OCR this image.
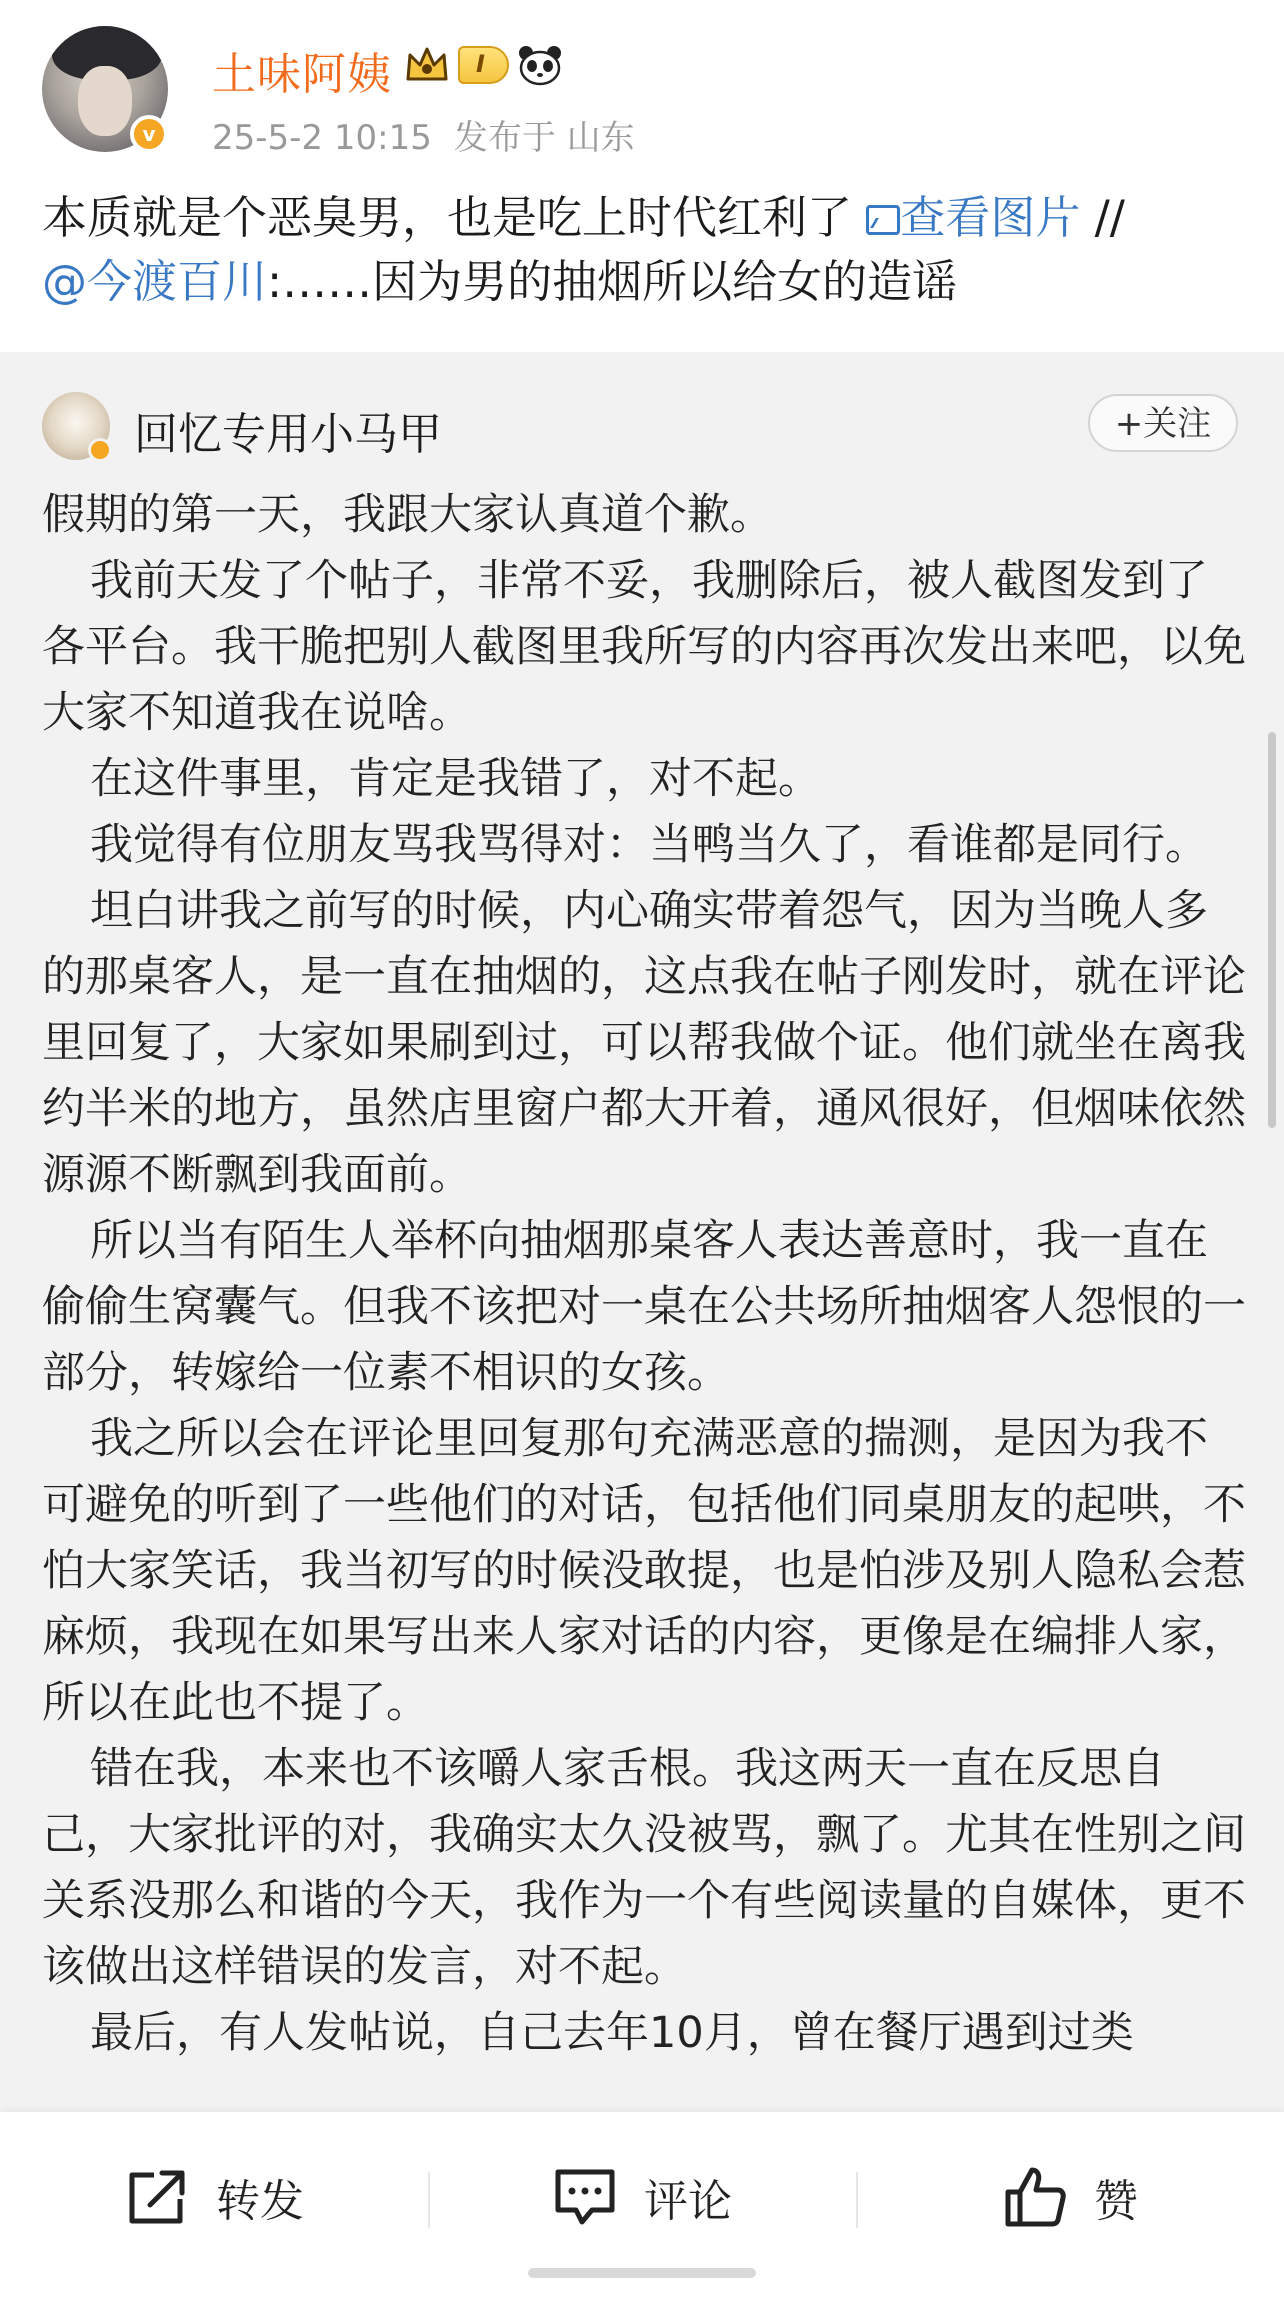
v
土味阿姨	I
25-5-2 10:15 发布于 山东
本质就是个恶臭男，也是吃上时代红利了 查看图片 //
@今渡百川:……因为男的抽烟所以给女的造谣
回忆专用小马甲	+关注

假期的第一天，我跟大家认真道个歉。

我前天发了个帖子，非常不妥，我删除后，被人截图发到了各平台。我干脆把别人截图里我所写的内容再次发出来吧，以免大家不知道我在说啥。

在这件事里，肯定是我错了，对不起。

我觉得有位朋友骂我骂得对：当鸭当久了，看谁都是同行。

坦白讲我之前写的时候，内心确实带着怨气，因为当晚人多的那桌客人，是一直在抽烟的，这点我在帖子刚发时，就在评论里回复了，大家如果刷到过，可以帮我做个证。他们就坐在离我约半米的地方，虽然店里窗户都大开着，通风很好，但烟味依然源源不断飘到我面前。

所以当有陌生人举杯向抽烟那桌客人表达善意时，我一直在偷偷生窝囊气。但我不该把对一桌在公共场所抽烟客人怨恨的一部分，转嫁给一位素不相识的女孩。

我之所以会在评论里回复那句充满恶意的揣测，是因为我不可避免的听到了一些他们的对话，包括他们同桌朋友的起哄，不怕大家笑话，我当初写的时候没敢提，也是怕涉及别人隐私会惹麻烦，我现在如果写出来人家对话的内容，更像是在编排人家，所以在此也不提了。

错在我，本来也不该嚼人家舌根。我这两天一直在反思自己，大家批评的对，我确实太久没被骂，飘了。尤其在性别之间关系没那么和谐的今天，我作为一个有些阅读量的自媒体，更不该做出这样错误的发言，对不起。

最后，有人发帖说，自己去年10月，曾在餐厅遇到过类

转发	评论	赞
